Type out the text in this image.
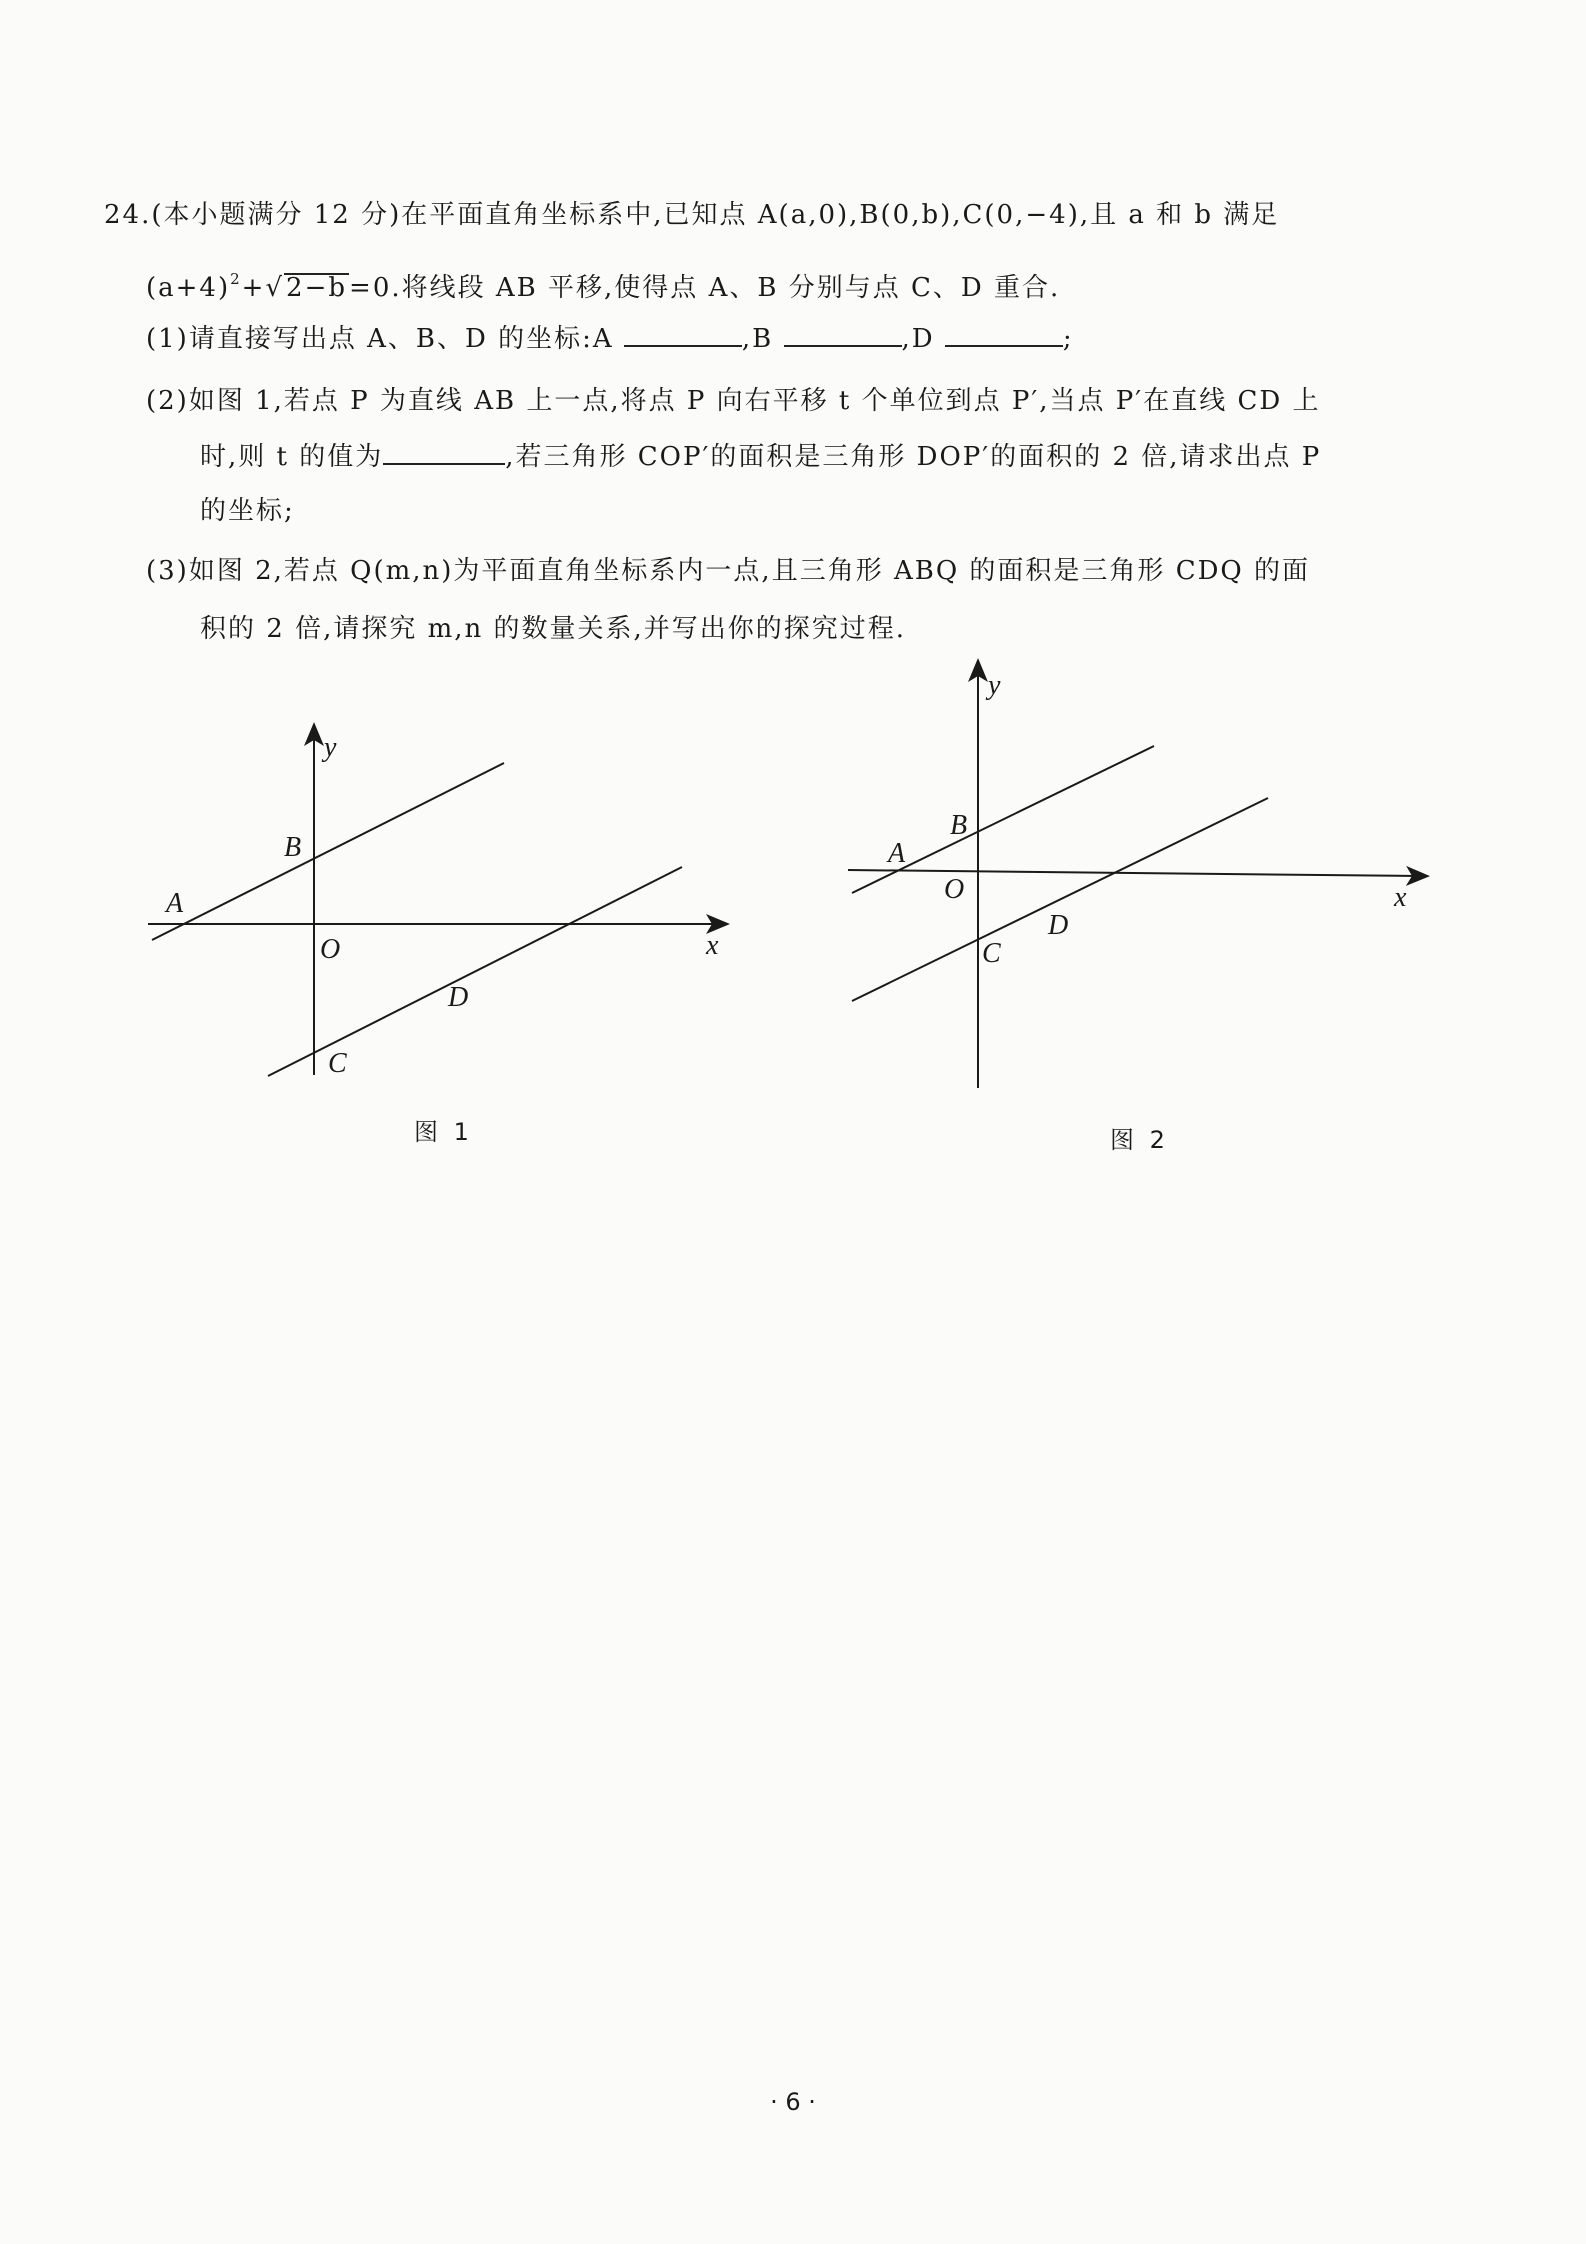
24.(本小题满分 12 分)在平面直角坐标系中,已知点 A(a,0),B(0,b),C(0,−4),且 a 和 b 满足
$(a+4)^2+√2-b=0$.将线段 AB 平移,使得点 A、B 分别与点 C、D 重合.
(1)请直接写出点 A、B、D 的坐标:A	,B	,D	;
(2)如图 1,若点 P 为直线 AB 上一点,将点 P 向右平移 t 个单位到点 P′,当点 P′在直线 CD 上
时,则 t 的值为	,若三角形 COP′的面积是三角形 DOP′的面积的 2 倍,请求出点 P
的坐标;
(3)如图 2,若点 Q(m,n)为平面直角坐标系内一点,且三角形 ABQ 的面积是三角形 CDQ 的面
积的 2 倍,请探究 m,n 的数量关系,并写出你的探究过程.
y
x
O
A
B
C
D
图 1
y
x
O
A
B
C
D
图 2
· 6 ·
